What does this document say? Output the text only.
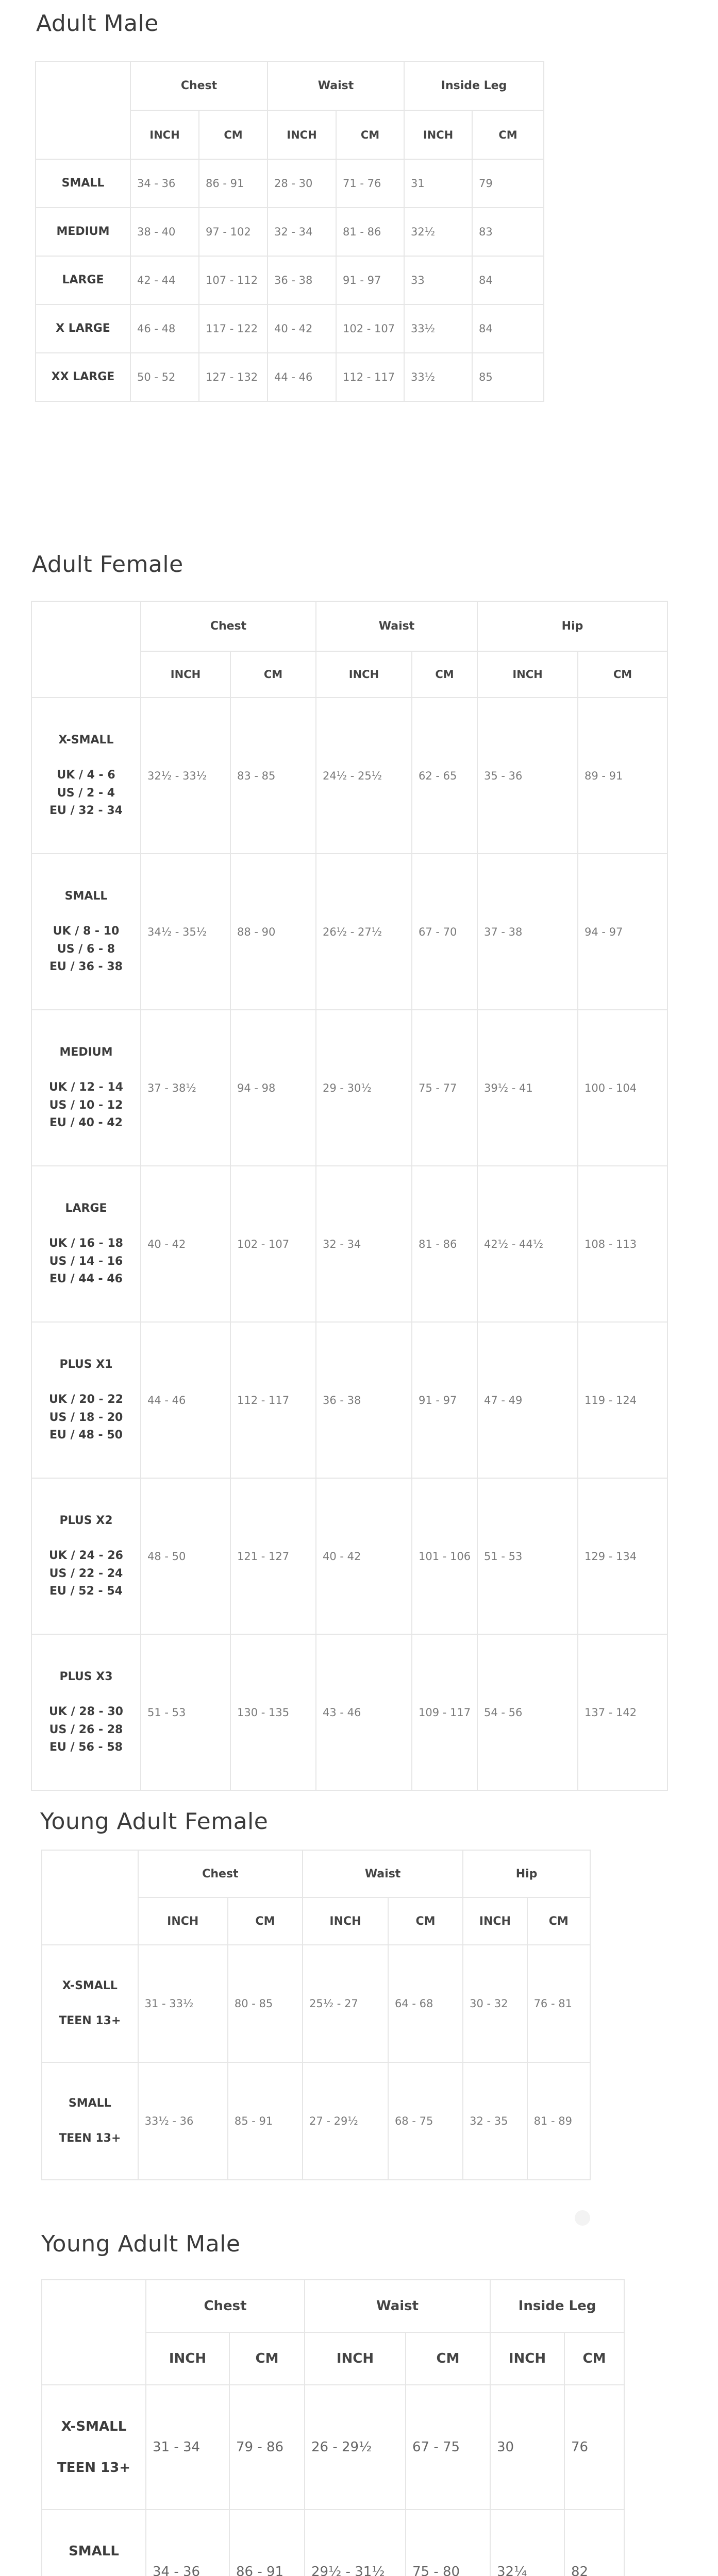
Adult Male
	Chest		Waist		Inside Leg	
	INCH	CM	INCH	CM	INCH	CM

SMALL	34 - 36	86 - 91	28 - 30	71 - 76	31	79

MEDIUM	38 - 40	97 - 102	32 - 34	81 - 86	32½	83

LARGE	42 - 44	107 - 112	36 - 38	91 - 97	33	84

X LARGE	46 - 48	117 - 122	40 - 42	102 - 107	33½	84

XX LARGE	50 - 52	127 - 132	44 - 46	112 - 117	33½	85
Adult Female
	Chest		Waist		Hip	
	INCH	CM	INCH	CM	INCH	CM

X-SMALL

UK / 4 - 6
US / 2 - 4
EU / 32 - 34	32½ - 33½	83 - 85	24½ - 25½	62 - 65	35 - 36	89 - 91

SMALL

UK / 8 - 10
US / 6 - 8
EU / 36 - 38	34½ - 35½	88 - 90	26½ - 27½	67 - 70	37 - 38	94 - 97

MEDIUM

UK / 12 - 14
US / 10 - 12
EU / 40 - 42	37 - 38½	94 - 98	29 - 30½	75 - 77	39½ - 41	100 - 104

LARGE

UK / 16 - 18
US / 14 - 16
EU / 44 - 46	40 - 42	102 - 107	32 - 34	81 - 86	42½ - 44½	108 - 113

PLUS X1

UK / 20 - 22
US / 18 - 20
EU / 48 - 50	44 - 46	112 - 117	36 - 38	91 - 97	47 - 49	119 - 124

PLUS X2

UK / 24 - 26
US / 22 - 24
EU / 52 - 54	48 - 50	121 - 127	40 - 42	101 - 106	51 - 53	129 - 134

PLUS X3

UK / 28 - 30
US / 26 - 28
EU / 56 - 58	51 - 53	130 - 135	43 - 46	109 - 117	54 - 56	137 - 142
Young Adult Female
	Chest		Waist		Hip	
	INCH	CM	INCH	CM	INCH	CM

X-SMALL

TEEN 13+	31 - 33½	80 - 85	25½ - 27	64 - 68	30 - 32	76 - 81

SMALL

TEEN 13+	33½ - 36	85 - 91	27 - 29½	68 - 75	32 - 35	81 - 89
Young Adult Male
	Chest		Waist		Inside Leg	
	INCH	CM	INCH	CM	INCH	CM

X-SMALL

TEEN 13+	31 - 34	79 - 86	26 - 29½	67 - 75	30	76

SMALL	34 - 36	86 - 91	29½ - 31½	75 - 80	32¼	82
